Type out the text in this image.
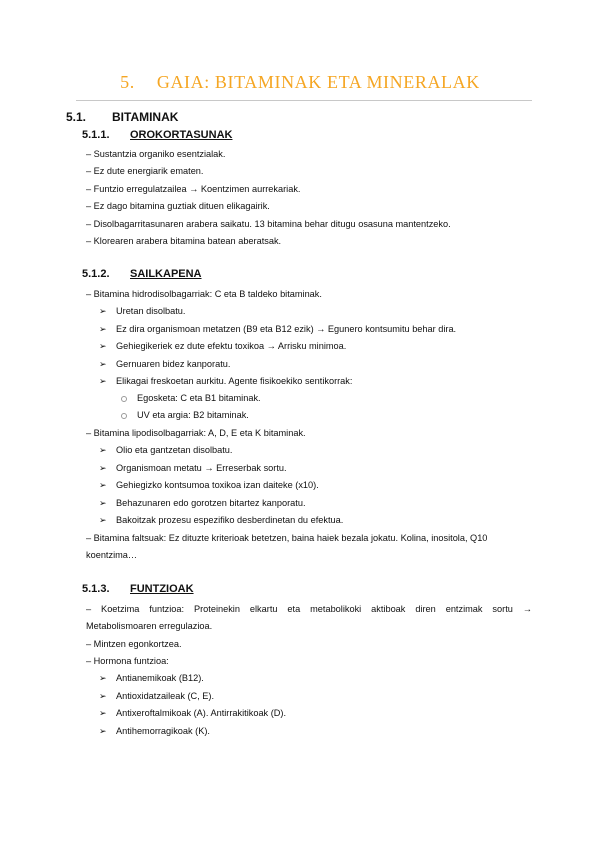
5. GAIA: BITAMINAK ETA MINERALAK
5.1. BITAMINAK
5.1.1. OROKORTASUNAK
– Sustantzia organiko esentzialak.
– Ez dute energiarik ematen.
– Funtzio erregulatzailea → Koentzimen aurrekariak.
– Ez dago bitamina guztiak dituen elikagairik.
– Disolbagarritasunaren arabera saikatu. 13 bitamina behar ditugu osasuna mantentzeko.
– Klorearen arabera bitamina batean aberatsak.
5.1.2. SAILKAPENA
– Bitamina hidrodisolbagarriak: C eta B taldeko bitaminak.
➢ Uretan disolbatu.
➢ Ez dira organismoan metatzen (B9 eta B12 ezik) → Egunero kontsumitu behar dira.
➢ Gehiegikeriek ez dute efektu toxikoa → Arrisku minimoa.
➢ Gernuaren bidez kanporatu.
➢ Elikagai freskoetan aurkitu. Agente fisikoekiko sentikorrak:
Egosketa: C eta B1 bitaminak.
UV eta argia: B2 bitaminak.
– Bitamina lipodisolbagarriak: A, D, E eta K bitaminak.
➢ Olio eta gantzetan disolbatu.
➢ Organismoan metatu → Erreserbak sortu.
➢ Gehiegizko kontsumoa toxikoa izan daiteke (x10).
➢ Behazunaren edo gorotzen bitartez kanporatu.
➢ Bakoitzak prozesu espezifiko desberdinetan du efektua.
– Bitamina faltsuak: Ez dituzte kriterioak betetzen, baina haiek bezala jokatu. Kolina, inositola, Q10
koentzima…
5.1.3. FUNTZIOAK
– Koetzima funtzioa: Proteinekin elkartu eta metabolikoki aktiboak diren entzimak sortu →
Metabolismoaren erregulazioa.
– Mintzen egonkortzea.
– Hormona funtzioa:
➢ Antianemikoak (B12).
➢ Antioxidatzaileak (C, E).
➢ Antixeroftalmikoak (A). Antirrakitikoak (D).
➢ Antihemorragikoak (K).
